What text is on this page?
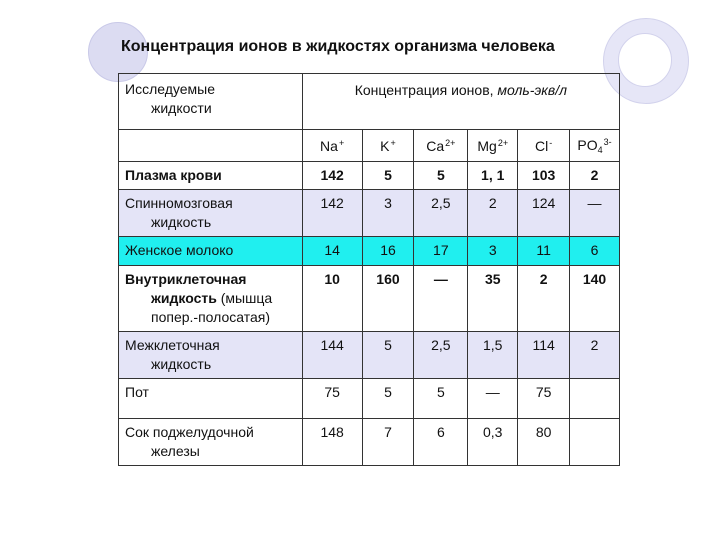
Концентрация ионов в жидкостях организма человека
Исследуемые
жидкости	Концентрация ионов, моль-экв/л					
	Na+	K+	$Ca^{2+}$	$Mg^{2+}$	Cl-	$PO_4^{3-}$
Плазма крови	142	5	5	1, 1	103	2
Спинномозговая
жидкость	142	3	2,5	2	124	—
Женское молоко	14	16	17	3	11	6
Внутриклеточная
жидкость (мышца
попер.-полосатая)	10	160	—	35	2	140
Межклеточная
жидкость	144	5	2,5	1,5	114	2
Пот	75	5	5	—	75	
Сок поджелудочной
железы	148	7	6	0,3	80	
